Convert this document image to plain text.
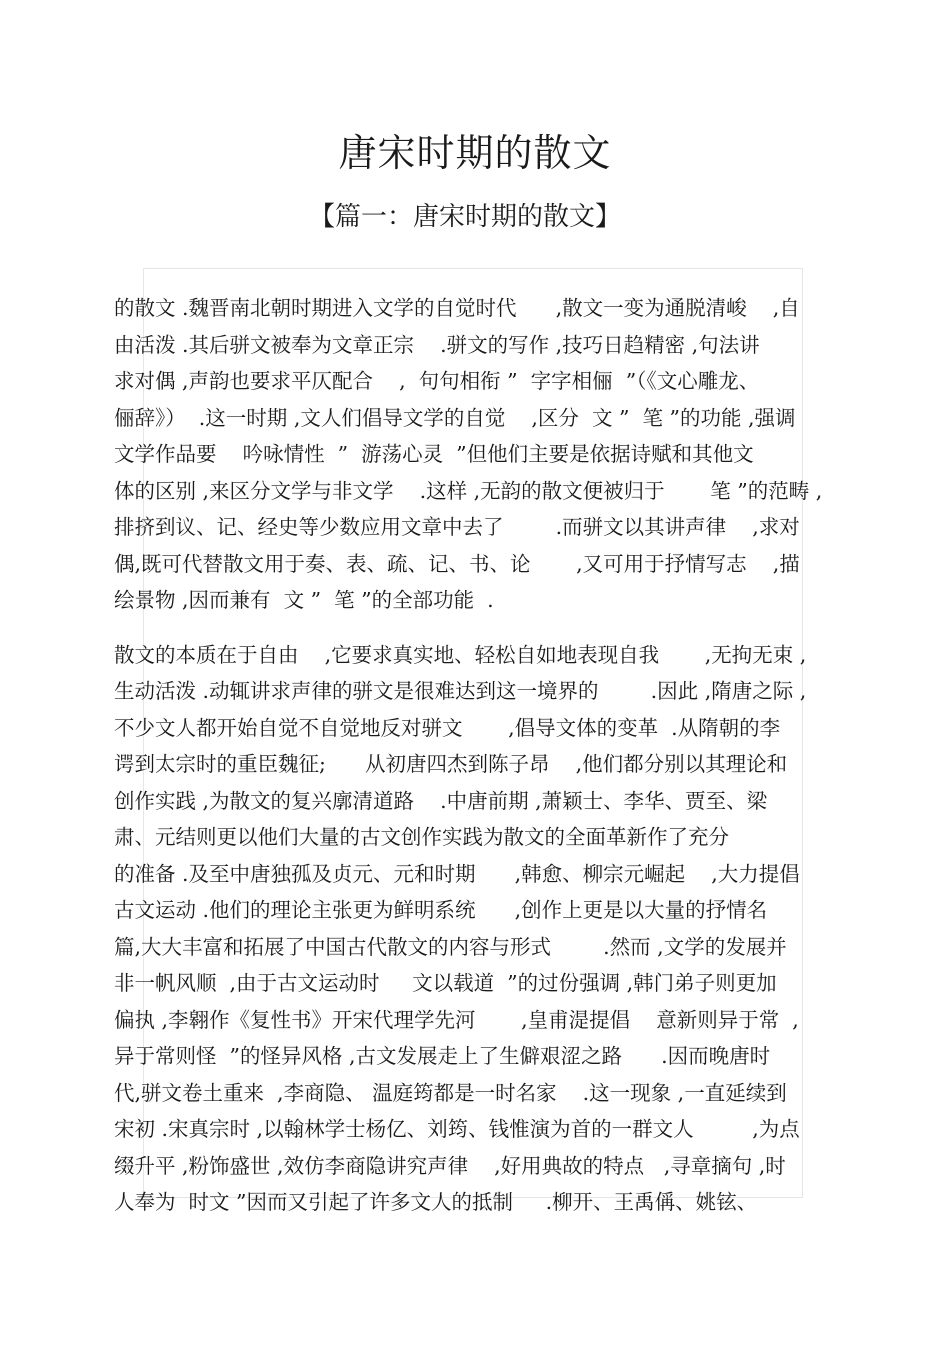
唐宋时期的散文
【篇一：唐宋时期的散文】
的散文 .魏晋南北朝时期进入文学的自觉时代      ,散文一变为通脱清峻    ,自
由活泼 .其后骈文被奉为文章正宗    .骈文的写作 ,技巧日趋精密 ,句法讲
求对偶 ,声韵也要求平仄配合    ,  句句相衔 ”  字字相俪  ”（《文心雕龙、
俪辞》）  .这一时期 ,文人们倡导文学的自觉    ,区分  文 ”  笔 ”的功能 ,强调
文学作品要    吟咏情性  ”  游荡心灵  ”但他们主要是依据诗赋和其他文
体的区别 ,来区分文学与非文学    .这样 ,无韵的散文便被归于       笔 ”的范畴 ,
排挤到议、记、经史等少数应用文章中去了        .而骈文以其讲声律    ,求对
偶,既可代替散文用于奏、表、疏、记、书、论       ,又可用于抒情写志    ,描
绘景物 ,因而兼有  文 ”  笔 ”的全部功能  .
散文的本质在于自由    ,它要求真实地、轻松自如地表现自我       ,无拘无束 ,
生动活泼 .动辄讲求声律的骈文是很难达到这一境界的        .因此 ,隋唐之际 ,
不少文人都开始自觉不自觉地反对骈文       ,倡导文体的变革  .从隋朝的李
谔到太宗时的重臣魏征;      从初唐四杰到陈子昂    ,他们都分别以其理论和
创作实践 ,为散文的复兴廓清道路    .中唐前期 ,萧颖士、李华、贾至、梁
肃、元结则更以他们大量的古文创作实践为散文的全面革新作了充分
的准备 .及至中唐独孤及贞元、元和时期      ,韩愈、柳宗元崛起    ,大力提倡
古文运动 .他们的理论主张更为鲜明系统      ,创作上更是以大量的抒情名
篇,大大丰富和拓展了中国古代散文的内容与形式        .然而 ,文学的发展并
非一帆风顺  ,由于古文运动时     文以载道  ”的过份强调 ,韩门弟子则更加
偏执 ,李翱作《复性书》开宋代理学先河       ,皇甫湜提倡    意新则异于常  ,
异于常则怪  ”的怪异风格 ,古文发展走上了生僻艰涩之路      .因而晚唐时
代,骈文卷土重来  ,李商隐、 温庭筠都是一时名家    .这一现象 ,一直延续到
宋初 .宋真宗时 ,以翰林学士杨亿、刘筠、钱惟演为首的一群文人         ,为点
缀升平 ,粉饰盛世 ,效仿李商隐讲究声律    ,好用典故的特点   ,寻章摘句 ,时
人奉为  时文 ”因而又引起了许多文人的抵制     .柳开、王禹偁、姚铉、
